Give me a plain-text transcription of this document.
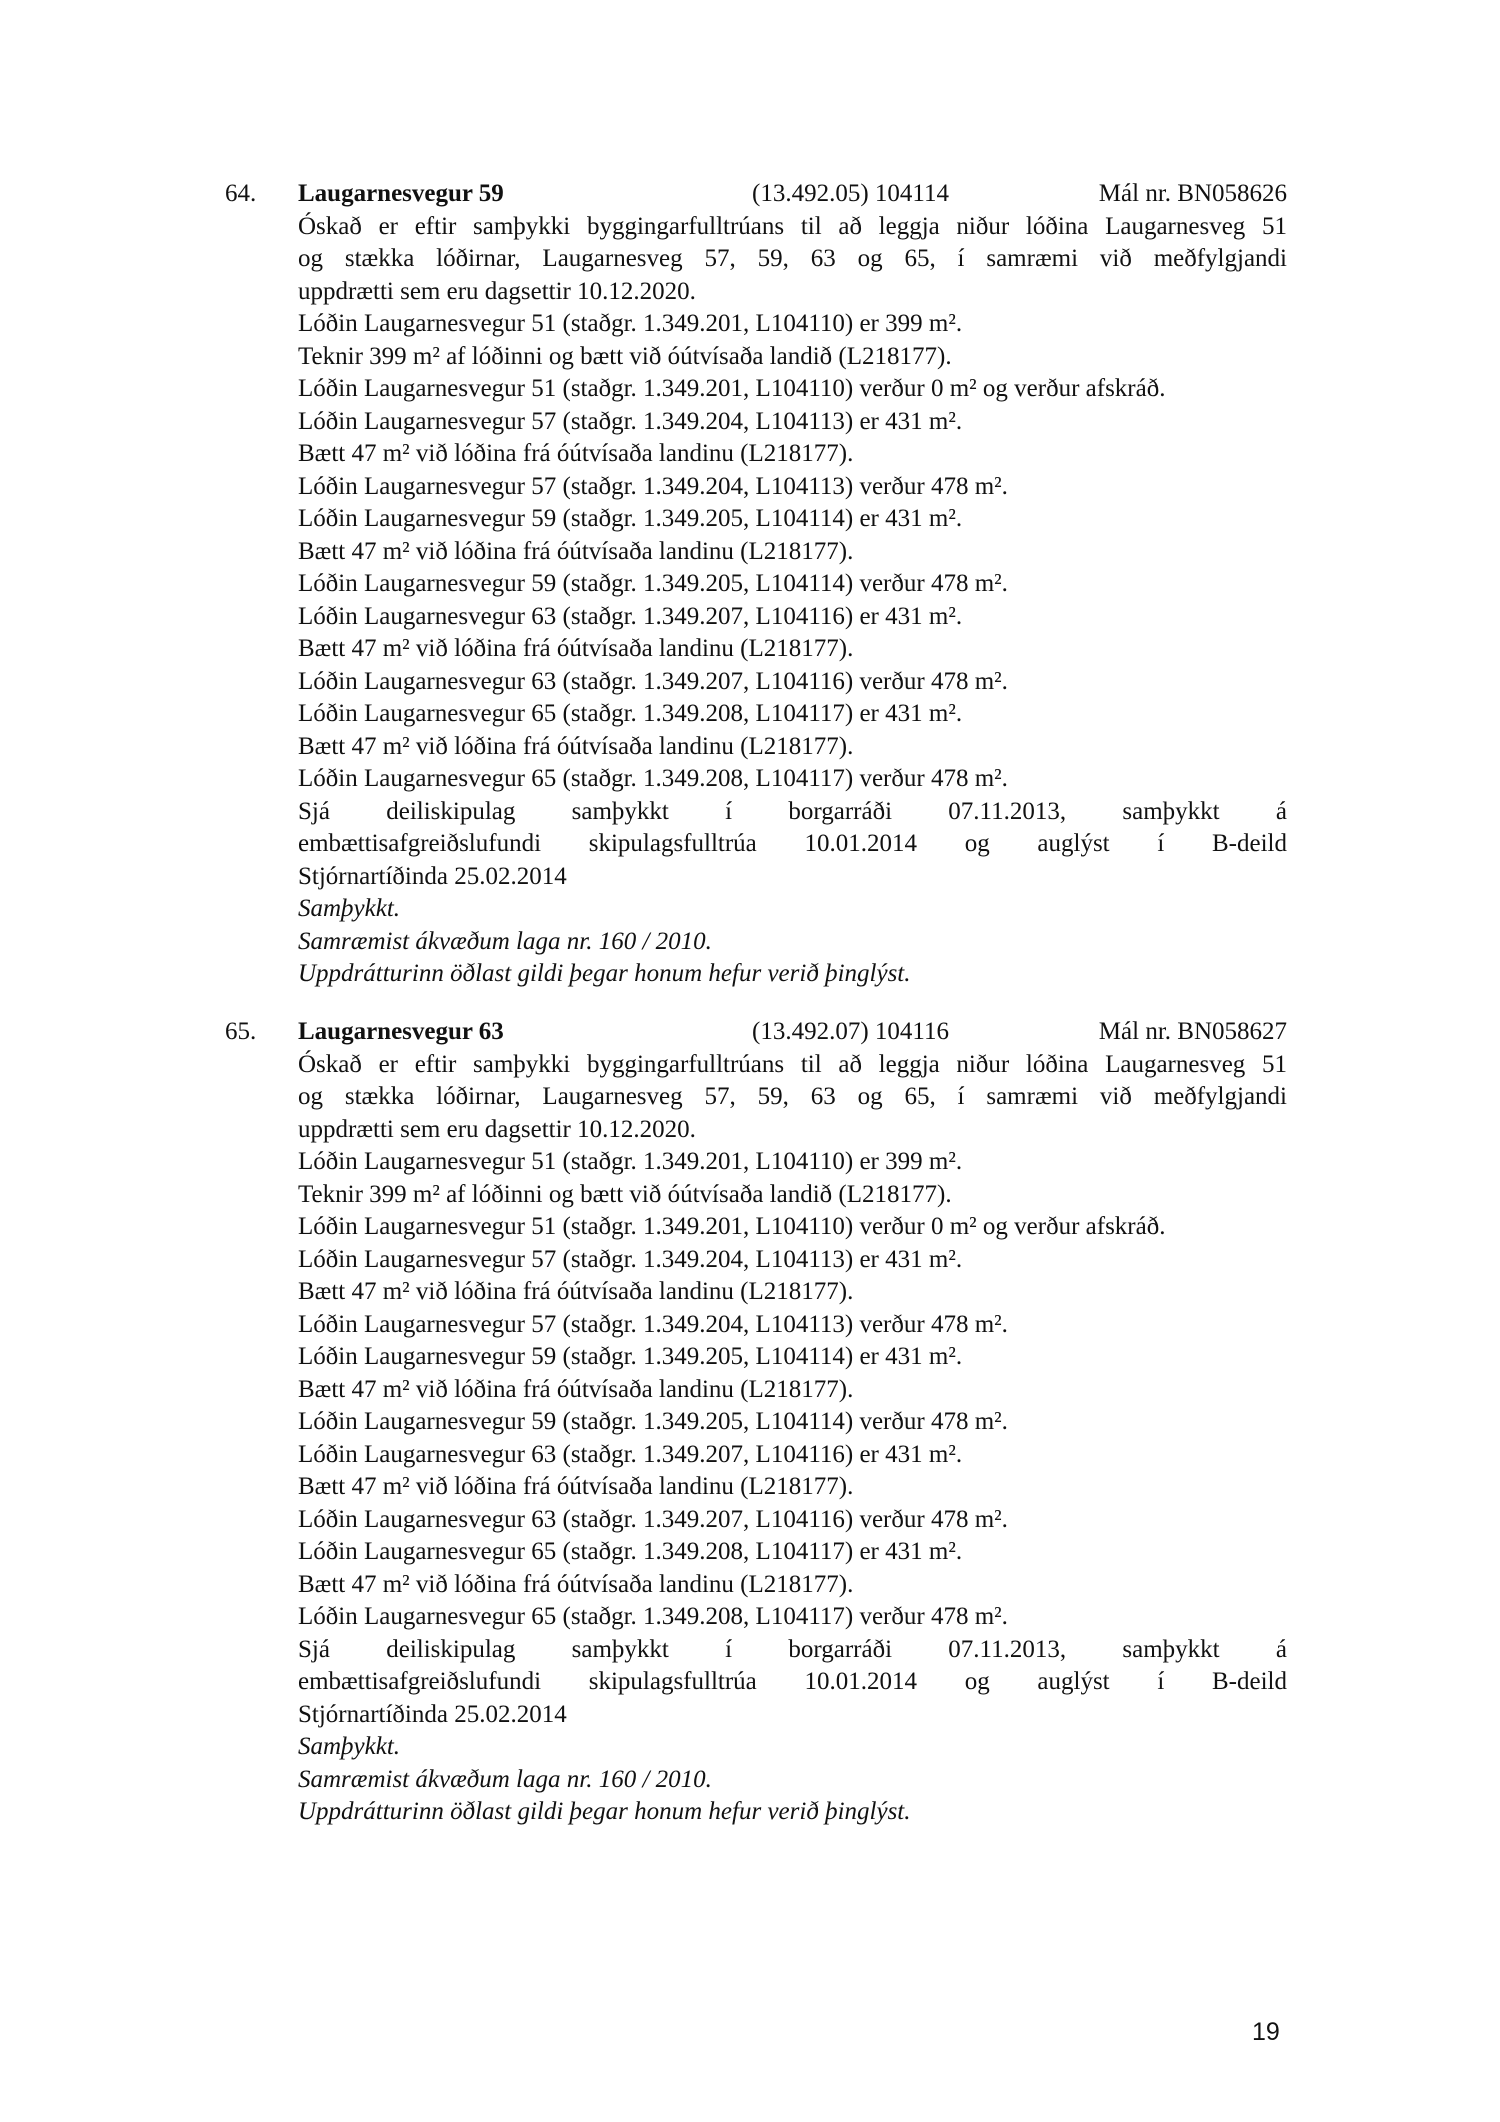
64. Laugarnesvegur 59	(13.492.05) 104114	Mál nr. BN058626
Óskað er eftir samþykki byggingarfulltrúans til að leggja niður lóðina Laugarnesveg 51
og stækka lóðirnar, Laugarnesveg 57, 59, 63 og 65, í samræmi við meðfylgjandi
uppdrætti sem eru dagsettir 10.12.2020.
Lóðin Laugarnesvegur 51 (staðgr. 1.349.201, L104110) er 399 m².
Teknir 399 m² af lóðinni og bætt við óútvísaða landið (L218177).
Lóðin Laugarnesvegur 51 (staðgr. 1.349.201, L104110) verður 0 m² og verður afskráð.
Lóðin Laugarnesvegur 57 (staðgr. 1.349.204, L104113) er 431 m².
Bætt 47 m² við lóðina frá óútvísaða landinu (L218177).
Lóðin Laugarnesvegur 57 (staðgr. 1.349.204, L104113) verður 478 m².
Lóðin Laugarnesvegur 59 (staðgr. 1.349.205, L104114) er 431 m².
Bætt 47 m² við lóðina frá óútvísaða landinu (L218177).
Lóðin Laugarnesvegur 59 (staðgr. 1.349.205, L104114) verður 478 m².
Lóðin Laugarnesvegur 63 (staðgr. 1.349.207, L104116) er 431 m².
Bætt 47 m² við lóðina frá óútvísaða landinu (L218177).
Lóðin Laugarnesvegur 63 (staðgr. 1.349.207, L104116) verður 478 m².
Lóðin Laugarnesvegur 65 (staðgr. 1.349.208, L104117) er 431 m².
Bætt 47 m² við lóðina frá óútvísaða landinu (L218177).
Lóðin Laugarnesvegur 65 (staðgr. 1.349.208, L104117) verður 478 m².
Sjá deiliskipulag samþykkt í borgarráði 07.11.2013, samþykkt á
embættisafgreiðslufundi skipulagsfulltrúa 10.01.2014 og auglýst í B-deild
Stjórnartíðinda 25.02.2014
Samþykkt.
Samræmist ákvæðum laga nr. 160 / 2010.
Uppdrátturinn öðlast gildi þegar honum hefur verið þinglýst.
65. Laugarnesvegur 63	(13.492.07) 104116	Mál nr. BN058627
Óskað er eftir samþykki byggingarfulltrúans til að leggja niður lóðina Laugarnesveg 51
og stækka lóðirnar, Laugarnesveg 57, 59, 63 og 65, í samræmi við meðfylgjandi
uppdrætti sem eru dagsettir 10.12.2020.
Lóðin Laugarnesvegur 51 (staðgr. 1.349.201, L104110) er 399 m².
Teknir 399 m² af lóðinni og bætt við óútvísaða landið (L218177).
Lóðin Laugarnesvegur 51 (staðgr. 1.349.201, L104110) verður 0 m² og verður afskráð.
Lóðin Laugarnesvegur 57 (staðgr. 1.349.204, L104113) er 431 m².
Bætt 47 m² við lóðina frá óútvísaða landinu (L218177).
Lóðin Laugarnesvegur 57 (staðgr. 1.349.204, L104113) verður 478 m².
Lóðin Laugarnesvegur 59 (staðgr. 1.349.205, L104114) er 431 m².
Bætt 47 m² við lóðina frá óútvísaða landinu (L218177).
Lóðin Laugarnesvegur 59 (staðgr. 1.349.205, L104114) verður 478 m².
Lóðin Laugarnesvegur 63 (staðgr. 1.349.207, L104116) er 431 m².
Bætt 47 m² við lóðina frá óútvísaða landinu (L218177).
Lóðin Laugarnesvegur 63 (staðgr. 1.349.207, L104116) verður 478 m².
Lóðin Laugarnesvegur 65 (staðgr. 1.349.208, L104117) er 431 m².
Bætt 47 m² við lóðina frá óútvísaða landinu (L218177).
Lóðin Laugarnesvegur 65 (staðgr. 1.349.208, L104117) verður 478 m².
Sjá deiliskipulag samþykkt í borgarráði 07.11.2013, samþykkt á
embættisafgreiðslufundi skipulagsfulltrúa 10.01.2014 og auglýst í B-deild
Stjórnartíðinda 25.02.2014
Samþykkt.
Samræmist ákvæðum laga nr. 160 / 2010.
Uppdrátturinn öðlast gildi þegar honum hefur verið þinglýst.
19
